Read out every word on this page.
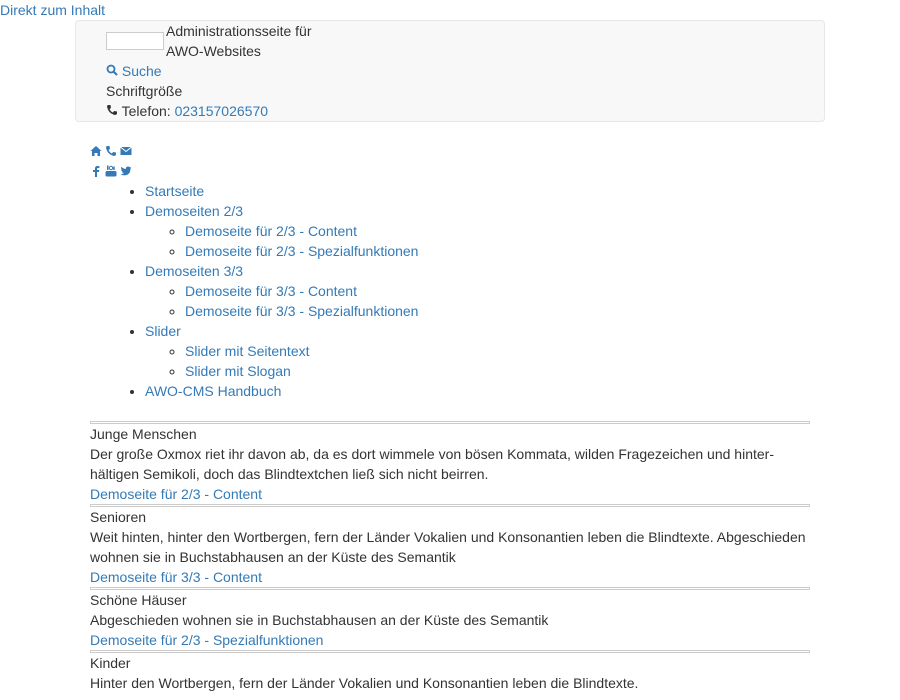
Direkt zum Inhalt
Administrationsseite für AWO-Websites
Suche
Schriftgröße
Telefon: 023157026570
• Startseite
• Demoseiten 2/3
◦ Demoseite für 2/3 - Content
◦ Demoseite für 2/3 - Spezialfunktionen
• Demoseiten 3/3
◦ Demoseite für 3/3 - Content
◦ Demoseite für 3/3 - Spezialfunktionen
• Slider
◦ Slider mit Seitentext
◦ Slider mit Slogan
• AWO-CMS Handbuch
Junge Menschen
Der große Oxmox riet ihr davon ab, da es dort wimmele von bösen Kommata, wilden Fragezeichen und hinterhältigen Semikoli, doch das Blindtextchen ließ sich nicht beirren.
Demoseite für 2/3 - Content
Senioren
Weit hinten, hinter den Wortbergen, fern der Länder Vokalien und Konsonantien leben die Blindtexte. Abgeschieden wohnen sie in Buchstabhausen an der Küste des Semantik
Demoseite für 3/3 - Content
Schöne Häuser
Abgeschieden wohnen sie in Buchstabhausen an der Küste des Semantik
Demoseite für 2/3 - Spezialfunktionen
Kinder
Hinter den Wortbergen, fern der Länder Vokalien und Konsonantien leben die Blindtexte.
